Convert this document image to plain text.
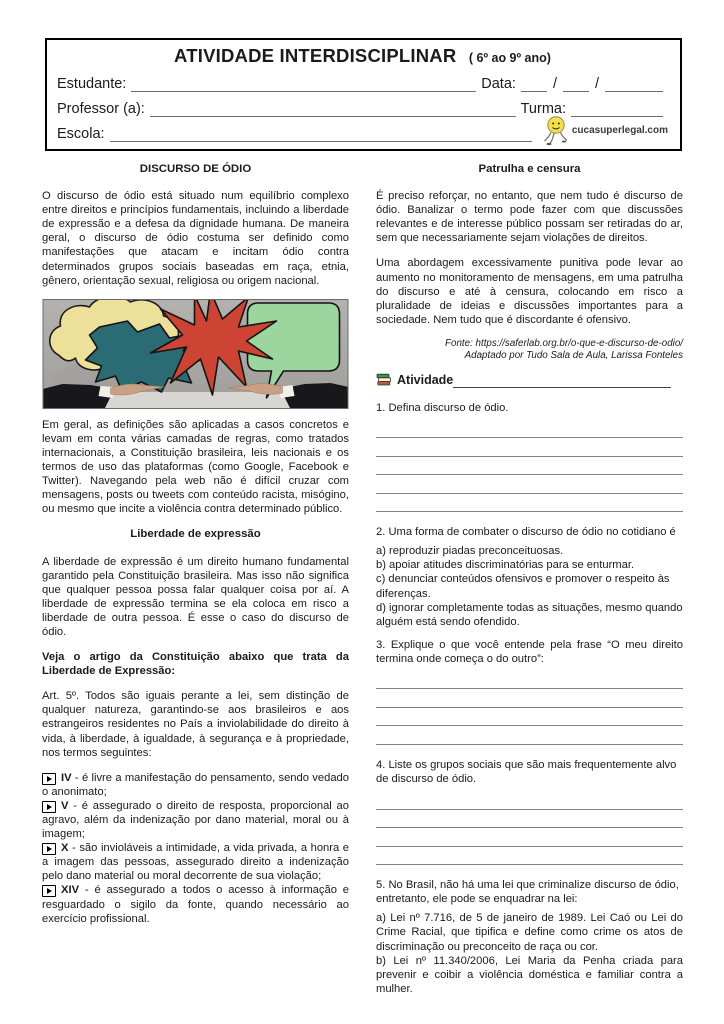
ATIVIDADE INTERDISCIPLINAR ( 6º ao 9º ano)
Estudante:	Data:	/	/
Professor (a):	Turma:
Escola:	cucasuperlegal.com
DISCURSO DE ÓDIO

O discurso de ódio está situado num equilíbrio complexo entre direitos e princípios fundamentais, incluindo a liberdade de expressão e a defesa da dignidade humana. De maneira geral, o discurso de ódio costuma ser definido como manifestações que atacam e incitam ódio contra determinados grupos sociais baseadas em raça, etnia, gênero, orientação sexual, religiosa ou origem nacional.

Em geral, as definições são aplicadas a casos concretos e levam em conta várias camadas de regras, como tratados internacionais, a Constituição brasileira, leis nacionais e os termos de uso das plataformas (como Google, Facebook e Twitter). Navegando pela web não é difícil cruzar com mensagens, posts ou tweets com conteúdo racista, misógino, ou mesmo que incite a violência contra determinado público.

Liberdade de expressão

A liberdade de expressão é um direito humano fundamental garantido pela Constituição brasileira. Mas isso não significa que qualquer pessoa possa falar qualquer coisa por aí. A liberdade de expressão termina se ela coloca em risco a liberdade de outra pessoa. É esse o caso do discurso de ódio.

Veja o artigo da Constituição abaixo que trata da Liberdade de Expressão:

Art. 5º. Todos são iguais perante a lei, sem distinção de qualquer natureza, garantindo-se aos brasileiros e aos estrangeiros residentes no País a inviolabilidade do direito à vida, à liberdade, à igualdade, à segurança e à propriedade, nos termos seguintes:

IV - é livre a manifestação do pensamento, sendo vedado o anonimato;

V - é assegurado o direito de resposta, proporcional ao agravo, além da indenização por dano material, moral ou à imagem;

X - são invioláveis a intimidade, a vida privada, a honra e a imagem das pessoas, assegurado direito a indenização pelo dano material ou moral decorrente de sua violação;

XIV - é assegurado a todos o acesso à informação e resguardado o sigilo da fonte, quando necessário ao exercício profissional.

Patrulha e censura

É preciso reforçar, no entanto, que nem tudo é discurso de ódio. Banalizar o termo pode fazer com que discussões relevantes e de interesse público possam ser retiradas do ar, sem que necessariamente sejam violações de direitos.

Uma abordagem excessivamente punitiva pode levar ao aumento no monitoramento de mensagens, em uma patrulha do discurso e até à censura, colocando em risco a pluralidade de ideias e discussões importantes para a sociedade. Nem tudo que é discordante é ofensivo.

Fonte: https://saferlab.org.br/o-que-e-discurso-de-odio/
Adaptado por Tudo Sala de Aula, Larissa Fonteles
Atividade
1. Defina discurso de ódio.
2. Uma forma de combater o discurso de ódio no cotidiano é

a) reproduzir piadas preconceituosas.

b) apoiar atitudes discriminatórias para se enturmar.

c) denunciar conteúdos ofensivos e promover o respeito às diferenças.

d) ignorar completamente todas as situações, mesmo quando alguém está sendo ofendido.

3. Explique o que você entende pela frase “O meu direito termina onde começa o do outro”:
4. Liste os grupos sociais que são mais frequentemente alvo de discurso de ódio.
5. No Brasil, não há uma lei que criminalize discurso de ódio, entretanto, ele pode se enquadrar na lei:

a) Lei nº 7.716, de 5 de janeiro de 1989. Lei Caó ou Lei do Crime Racial, que tipifica e define como crime os atos de discriminação ou preconceito de raça ou cor.

b) Lei nº 11.340/2006, Lei Maria da Penha criada para prevenir e coibir a violência doméstica e familiar contra a mulher.
